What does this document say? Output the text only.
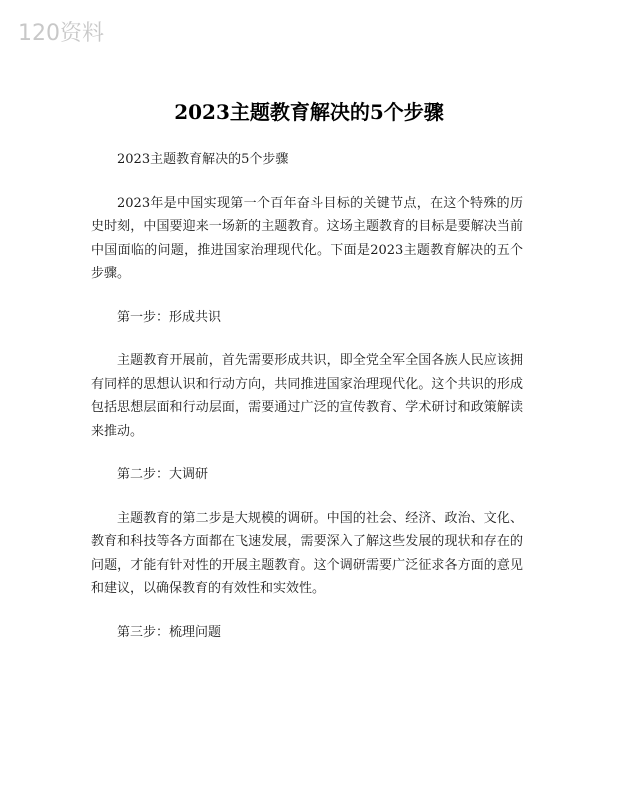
120资料
2023主题教育解决的5个步骤

2023主题教育解决的5个步骤

2023年是中国实现第一个百年奋斗目标的关键节点，在这个特殊的历史时刻，中国要迎来一场新的主题教育。这场主题教育的目标是要解决当前中国面临的问题，推进国家治理现代化。下面是2023主题教育解决的五个步骤。

第一步：形成共识

主题教育开展前，首先需要形成共识，即全党全军全国各族人民应该拥有同样的思想认识和行动方向，共同推进国家治理现代化。这个共识的形成包括思想层面和行动层面，需要通过广泛的宣传教育、学术研讨和政策解读来推动。

第二步：大调研

主题教育的第二步是大规模的调研。中国的社会、经济、政治、文化、教育和科技等各方面都在飞速发展，需要深入了解这些发展的现状和存在的问题，才能有针对性的开展主题教育。这个调研需要广泛征求各方面的意见和建议，以确保教育的有效性和实效性。

第三步：梳理问题
